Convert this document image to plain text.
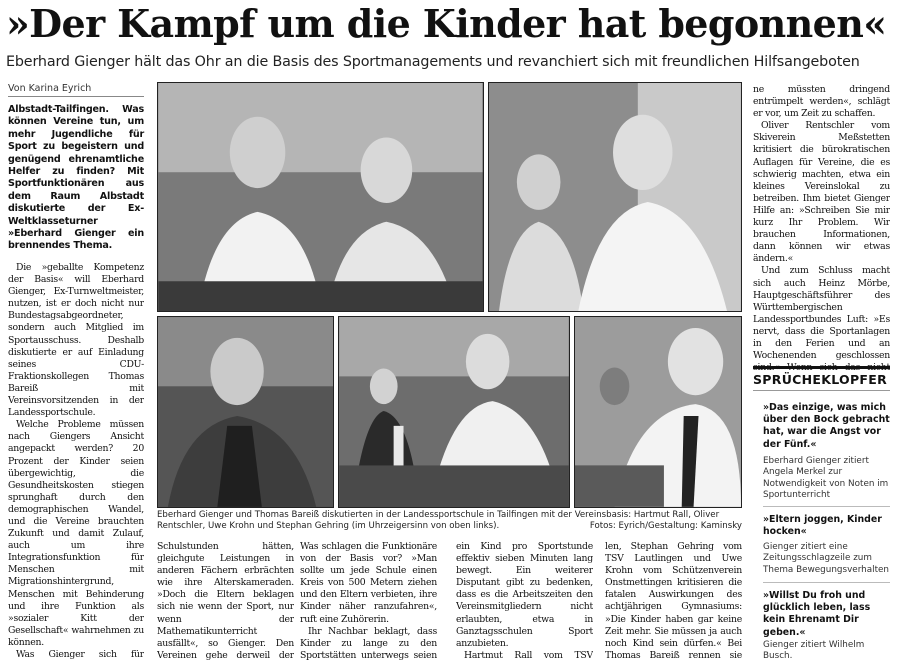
»Der Kampf um die Kinder hat begonnen«
Eberhard Gienger hält das Ohr an die Basis des Sportmanagements und revanchiert sich mit freundlichen Hilfsangeboten
Von Karina Eyrich
Albstadt-Tailfingen. Was können Vereine tun, um mehr Jugendliche für Sport zu begeistern und genügend ehrenamtliche Helfer zu finden? Mit Sportfunktionären aus dem Raum Albstadt diskutierte der Ex-Weltklasseturner »Eberhard Gienger ein brennendes Thema.

Die »geballte Kompetenz der Basis« will Eberhard Gienger, Ex-Turnweltmeister, nutzen, ist er doch nicht nur Bundestagsabgeordneter, sondern auch Mitglied im Sportausschuss. Deshalb diskutierte er auf Einladung seines CDU-Fraktionskollegen Thomas Bareiß mit Vereinsvorsitzenden in der Landessportschule.

Welche Probleme müssen nach Giengers Ansicht angepackt werden? 20 Prozent der Kinder seien übergewichtig, die Gesundheitskosten stiegen sprunghaft durch den demographischen Wandel, und die Vereine brauchten Zukunft und damit Zulauf, auch um ihre Integrationsfunktion für Menschen mit Migrationshintergrund, Menschen mit Behinderung und ihre Funktion als »sozialer Kitt der Gesellschaft« wahrnehmen zu können.

Was Gienger sich für

Eberhard Gienger und Thomas Bareiß diskutierten in der Landessportschule in Tailfingen mit der Vereinsbasis: Hartmut Rall, Oliver Rentschler, Uwe Krohn und Stephan Gehring (im Uhrzeigersinn von oben links).	Fotos: Eyrich/Gestaltung: Kaminsky

Schulstunden hätten, gleichgute Leistungen in anderen Fächern erbrächten wie ihre Alterskameraden. »Doch die Eltern beklagen sich nie wenn der Sport, nur wenn der Mathematikunterricht ausfällt«, so Gienger. Den Vereinen gehe derweil der

Was schlagen die Funktionäre von der Basis vor? »Man sollte um jede Schule einen Kreis von 500 Metern ziehen und den Eltern verbieten, ihre Kinder näher ranzufahren«, ruft eine Zuhörerin.

Ihr Nachbar beklagt, dass Kinder zu lange zu den Sportstätten unterwegs seien

ein Kind pro Sportstunde effektiv sieben Minuten lang bewegt. Ein weiterer Disputant gibt zu bedenken, dass es die Arbeitszeiten den Vereinsmitgliedern nicht erlaubten, etwa in Ganztagsschulen Sport anzubieten.

Hartmut Rall vom TSV

len, Stephan Gehring vom TSV Lautlingen und Uwe Krohn vom Schützenverein Onstmettingen kritisieren die fatalen Auswirkungen des achtjährigen Gymnasiums: »Die Kinder haben gar keine Zeit mehr. Sie müssen ja auch noch Kind sein dürfen.« Bei Thomas Bareiß rennen sie

ne müssten dringend entrümpelt werden«, schlägt er vor, um Zeit zu schaffen.

Oliver Rentschler vom Skiverein Meßstetten kritisiert die bürokratischen Auflagen für Vereine, die es schwierig machten, etwa ein kleines Vereinslokal zu betreiben. Ihm bietet Gienger Hilfe an: »Schreiben Sie mir kurz Ihr Problem. Wir brauchen Informationen, dann können wir etwas ändern.«

Und zum Schluss macht sich auch Heinz Mörbe, Hauptgeschäftsführer des Württembergischen Landessportbundes Luft: »Es nervt, dass die Sportanlagen in den Ferien und an Wochenenden geschlossen sind.« Wenn sich das nicht

SPRÜCHEKLOPFER
»Das einzige, was mich über den Bock gebracht hat, war die Angst vor der Fünf.«
Eberhard Gienger zitiert Angela Merkel zur Notwendigkeit von Noten im Sportunterricht
»Eltern joggen, Kinder hocken«
Gienger zitiert eine Zeitungsschlagzeile zum Thema Bewegungsverhalten
»Willst Du froh und glücklich leben, lass kein Ehrenamt Dir geben.«
Gienger zitiert Wilhelm Busch.
